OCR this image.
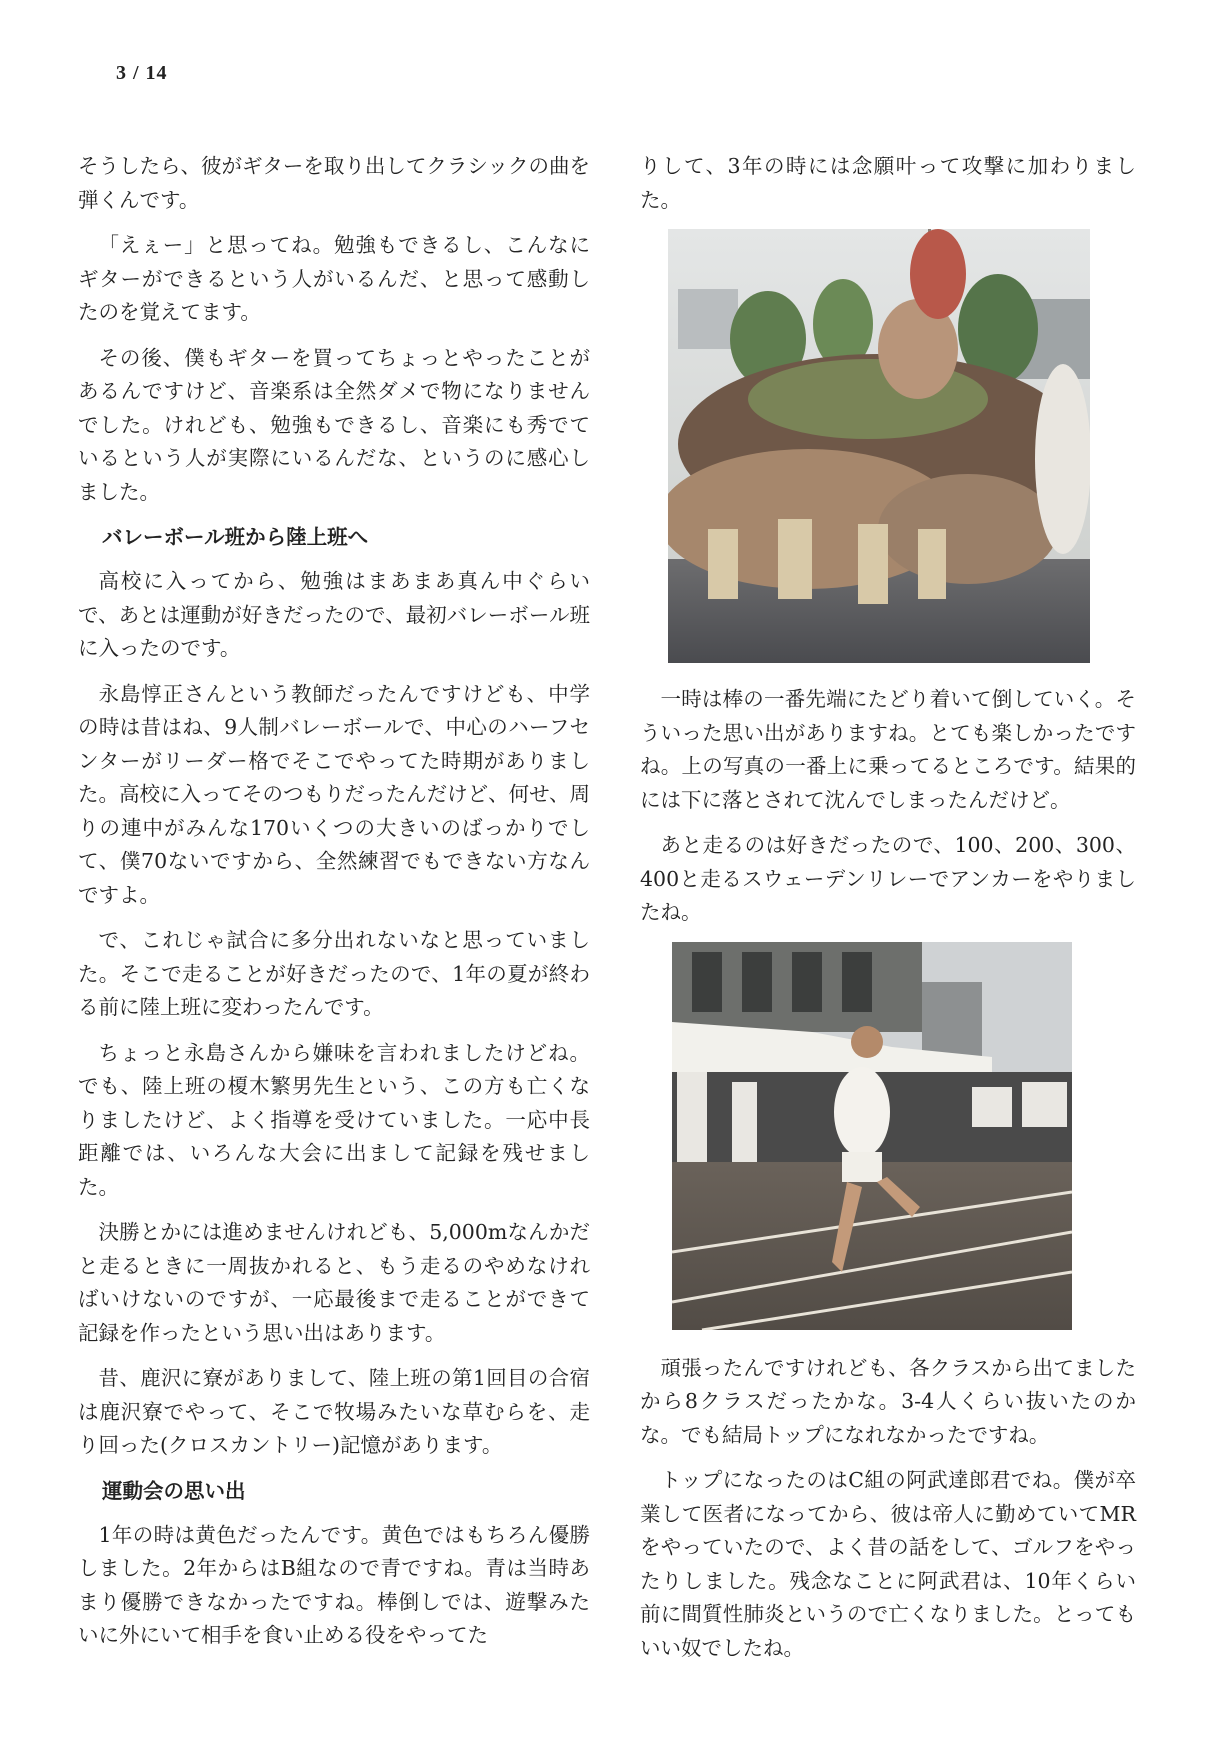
3 / 14

そうしたら、彼がギターを取り出してクラシックの曲を弾くんです。

「えぇー」と思ってね。勉強もできるし、こんなにギターができるという人がいるんだ、と思って感動したのを覚えてます。

その後、僕もギターを買ってちょっとやったことがあるんですけど、音楽系は全然ダメで物になりませんでした。けれども、勉強もできるし、音楽にも秀でているという人が実際にいるんだな、というのに感心しました。

バレーボール班から陸上班へ

高校に入ってから、勉強はまあまあ真ん中ぐらいで、あとは運動が好きだったので、最初バレーボール班に入ったのです。

永島惇正さんという教師だったんですけども、中学の時は昔はね、9人制バレーボールで、中心のハーフセンターがリーダー格でそこでやってた時期がありました。高校に入ってそのつもりだったんだけど、何せ、周りの連中がみんな170いくつの大きいのばっかりでして、僕70ないですから、全然練習でもできない方なんですよ。

で、これじゃ試合に多分出れないなと思っていました。そこで走ることが好きだったので、1年の夏が終わる前に陸上班に変わったんです。

ちょっと永島さんから嫌味を言われましたけどね。でも、陸上班の榎木繁男先生という、この方も亡くなりましたけど、よく指導を受けていました。一応中長距離では、いろんな大会に出まして記録を残せました。

決勝とかには進めませんけれども、5,000mなんかだと走るときに一周抜かれると、もう走るのやめなければいけないのですが、一応最後まで走ることができて記録を作ったという思い出はあります。

昔、鹿沢に寮がありまして、陸上班の第1回目の合宿は鹿沢寮でやって、そこで牧場みたいな草むらを、走り回った(クロスカントリー)記憶があります。

運動会の思い出

1年の時は黄色だったんです。黄色ではもちろん優勝しました。2年からはB組なので青ですね。青は当時あまり優勝できなかったですね。棒倒しでは、遊撃みたいに外にいて相手を食い止める役をやってた

りして、3年の時には念願叶って攻撃に加わりました。

一時は棒の一番先端にたどり着いて倒していく。そういった思い出がありますね。とても楽しかったですね。上の写真の一番上に乗ってるところです。結果的には下に落とされて沈んでしまったんだけど。

あと走るのは好きだったので、100、200、300、400と走るスウェーデンリレーでアンカーをやりましたね。

頑張ったんですけれども、各クラスから出てましたから8クラスだったかな。3-4人くらい抜いたのかな。でも結局トップになれなかったですね。

トップになったのはC組の阿武達郎君でね。僕が卒業して医者になってから、彼は帝人に勤めていてMRをやっていたので、よく昔の話をして、ゴルフをやったりしました。残念なことに阿武君は、10年くらい前に間質性肺炎というので亡くなりました。とってもいい奴でしたね。
